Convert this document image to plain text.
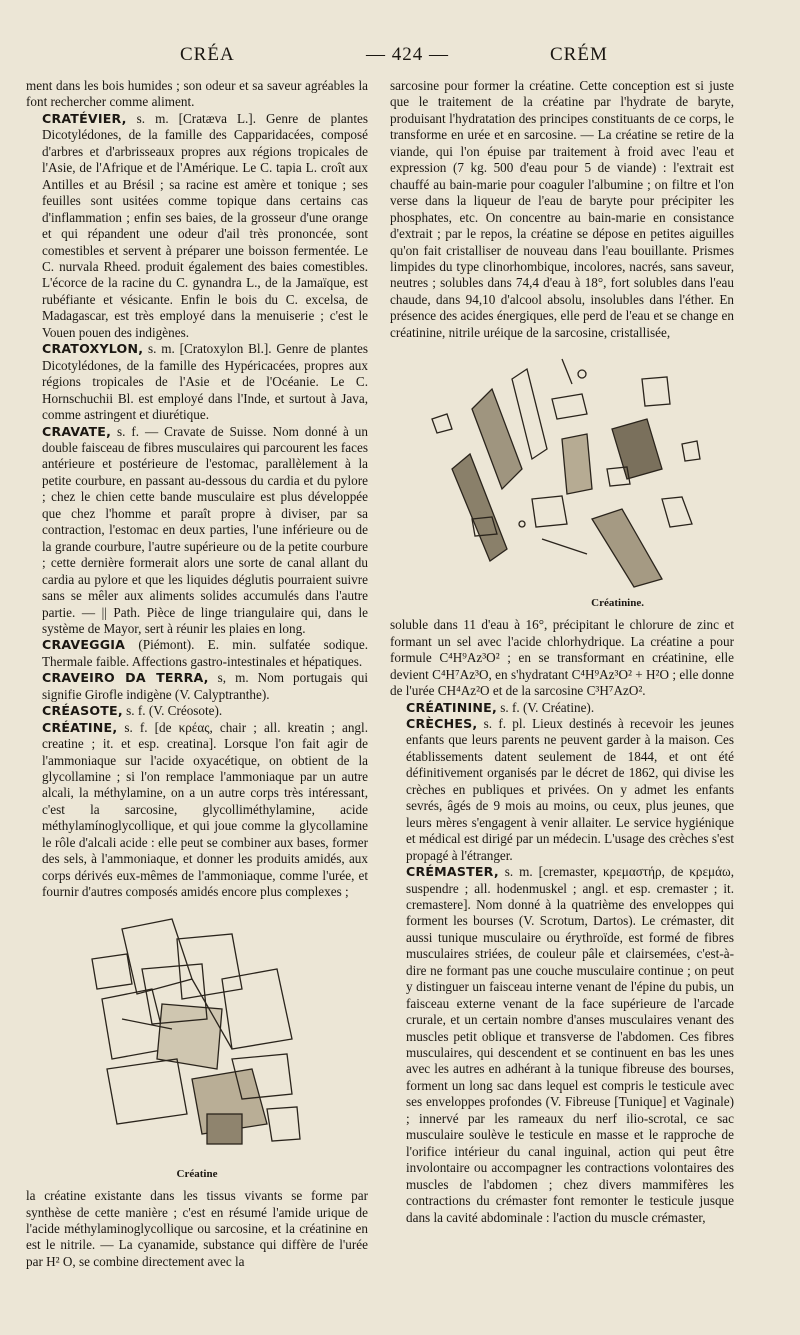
CRÉA	— 424 —	CRÉM

ment dans les bois humides ; son odeur et sa saveur agréables la font rechercher comme aliment.

CRATÉVIER, s. m. [Cratæva L.]. Genre de plantes Dicotylédones, de la famille des Capparidacées, composé d'arbres et d'arbrisseaux propres aux régions tropicales de l'Asie, de l'Afrique et de l'Amérique. Le C. tapia L. croît aux Antilles et au Brésil ; sa racine est amère et tonique ; ses feuilles sont usitées comme topique dans certains cas d'inflammation ; enfin ses baies, de la grosseur d'une orange et qui répandent une odeur d'ail très prononcée, sont comestibles et servent à préparer une boisson fermentée. Le C. nurvala Rheed. produit également des baies comestibles. L'écorce de la racine du C. gynandra L., de la Jamaïque, est rubéfiante et vésicante. Enfin le bois du C. excelsa, de Madagascar, est très employé dans la menuiserie ; c'est le Vouen pouen des indigènes.

CRATOXYLON, s. m. [Cratoxylon Bl.]. Genre de plantes Dicotylédones, de la famille des Hypéricacées, propres aux régions tropicales de l'Asie et de l'Océanie. Le C. Hornschuchii Bl. est employé dans l'Inde, et surtout à Java, comme astringent et diurétique.

CRAVATE, s. f. — Cravate de Suisse. Nom donné à un double faisceau de fibres musculaires qui parcourent les faces antérieure et postérieure de l'estomac, parallèlement à la petite courbure, en passant au-dessous du cardia et du pylore ; chez le chien cette bande musculaire est plus développée que chez l'homme et paraît propre à diviser, par sa contraction, l'estomac en deux parties, l'une inférieure ou de la grande courbure, l'autre supérieure ou de la petite courbure ; cette dernière formerait alors une sorte de canal allant du cardia au pylore et que les liquides déglutis pourraient suivre sans se mêler aux aliments solides accumulés dans l'autre partie. — || Path. Pièce de linge triangulaire qui, dans le système de Mayor, sert à réunir les plaies en long.

CRAVEGGIA (Piémont). E. min. sulfatée sodique. Thermale faible. Affections gastro-intestinales et hépatiques.

CRAVEIRO DA TERRA, s, m. Nom portugais qui signifie Girofle indigène (V. Calyptranthe).

CRÉASOTE, s. f. (V. Créosote).

CRÉATINE, s. f. [de κρέας, chair ; all. kreatin ; angl. creatine ; it. et esp. creatina]. Lorsque l'on fait agir de l'ammoniaque sur l'acide oxyacétique, on obtient de la glycollamine ; si l'on remplace l'ammoniaque par un autre alcali, la méthylamine, on a un autre corps très intéressant, c'est la sarcosine, glycolliméthylamine, acide méthylamínoglycollique, et qui joue comme la glycollamine le rôle d'alcali acide : elle peut se combiner aux bases, former des sels, à l'ammoniaque, et donner les produits amidés, aux corps dérivés eux-mêmes de l'ammoniaque, comme l'urée, et fournir d'autres composés amidés encore plus complexes ;

Créatine

la créatine existante dans les tissus vivants se forme par synthèse de cette manière ; c'est en résumé l'amide urique de l'acide méthylaminoglycollique ou sarcosine, et la créatinine en est le nitrile. — La cyanamide, substance qui diffère de l'urée par H² O, se combine directement avec la

sarcosine pour former la créatine. Cette conception est si juste que le traitement de la créatine par l'hydrate de baryte, produisant l'hydratation des principes constituants de ce corps, le transforme en urée et en sarcosine. — La créatine se retire de la viande, qui l'on épuise par traitement à froid avec l'eau et expression (7 kg. 500 d'eau pour 5 de viande) : l'extrait est chauffé au bain-marie pour coaguler l'albumine ; on filtre et l'on verse dans la liqueur de l'eau de baryte pour précipiter les phosphates, etc. On concentre au bain-marie en consistance d'extrait ; par le repos, la créatine se dépose en petites aiguilles qu'on fait cristalliser de nouveau dans l'eau bouillante. Prismes limpides du type clinorhombique, incolores, nacrés, sans saveur, neutres ; solubles dans 74,4 d'eau à 18°, fort solubles dans l'eau chaude, dans 94,10 d'alcool absolu, insolubles dans l'éther. En présence des acides énergiques, elle perd de l'eau et se change en créatinine, nitrile uréique de la sarcosine, cristallisée,

Créatinine.

soluble dans 11 d'eau à 16°, précipitant le chlorure de zinc et formant un sel avec l'acide chlorhydrique. La créatine a pour formule C⁴H⁹Az³O² ; en se transformant en créatinine, elle devient C⁴H⁷Az³O, en s'hydratant C⁴H⁹Az³O² + H²O ; elle donne de l'urée CH⁴Az²O et de la sarcosine C³H⁷AzO².

CRÉATININE, s. f. (V. Créatine).

CRÈCHES, s. f. pl. Lieux destinés à recevoir les jeunes enfants que leurs parents ne peuvent garder à la maison. Ces établissements datent seulement de 1844, et ont été définitivement organisés par le décret de 1862, qui divise les crèches en publiques et privées. On y admet les enfants sevrés, âgés de 9 mois au moins, ou ceux, plus jeunes, que leurs mères s'engagent à venir allaiter. Le service hygiénique et médical est dirigé par un médecin. L'usage des crèches s'est propagé à l'étranger.

CRÉMASTER, s. m. [cremaster, κρεμαστήρ, de κρεμάω, suspendre ; all. hodenmuskel ; angl. et esp. cremaster ; it. cremastere]. Nom donné à la quatrième des enveloppes qui forment les bourses (V. Scrotum, Dartos). Le crémaster, dit aussi tunique musculaire ou érythroïde, est formé de fibres musculaires striées, de couleur pâle et clairsemées, c'est-à-dire ne formant pas une couche musculaire continue ; on peut y distinguer un faisceau interne venant de l'épine du pubis, un faisceau externe venant de la face supérieure de l'arcade crurale, et un certain nombre d'anses musculaires venant des muscles petit oblique et transverse de l'abdomen. Ces fibres musculaires, qui descendent et se continuent en bas les unes avec les autres en adhérant à la tunique fibreuse des bourses, forment un long sac dans lequel est compris le testicule avec ses enveloppes profondes (V. Fibreuse [Tunique] et Vaginale) ; innervé par les rameaux du nerf ilio-scrotal, ce sac musculaire soulève le testicule en masse et le rapproche de l'orifice intérieur du canal inguinal, action qui peut être involontaire ou accompagner les contractions volontaires des muscles de l'abdomen ; chez divers mammifères les contractions du crémaster font remonter le testicule jusque dans la cavité abdominale : l'action du muscle crémaster,
